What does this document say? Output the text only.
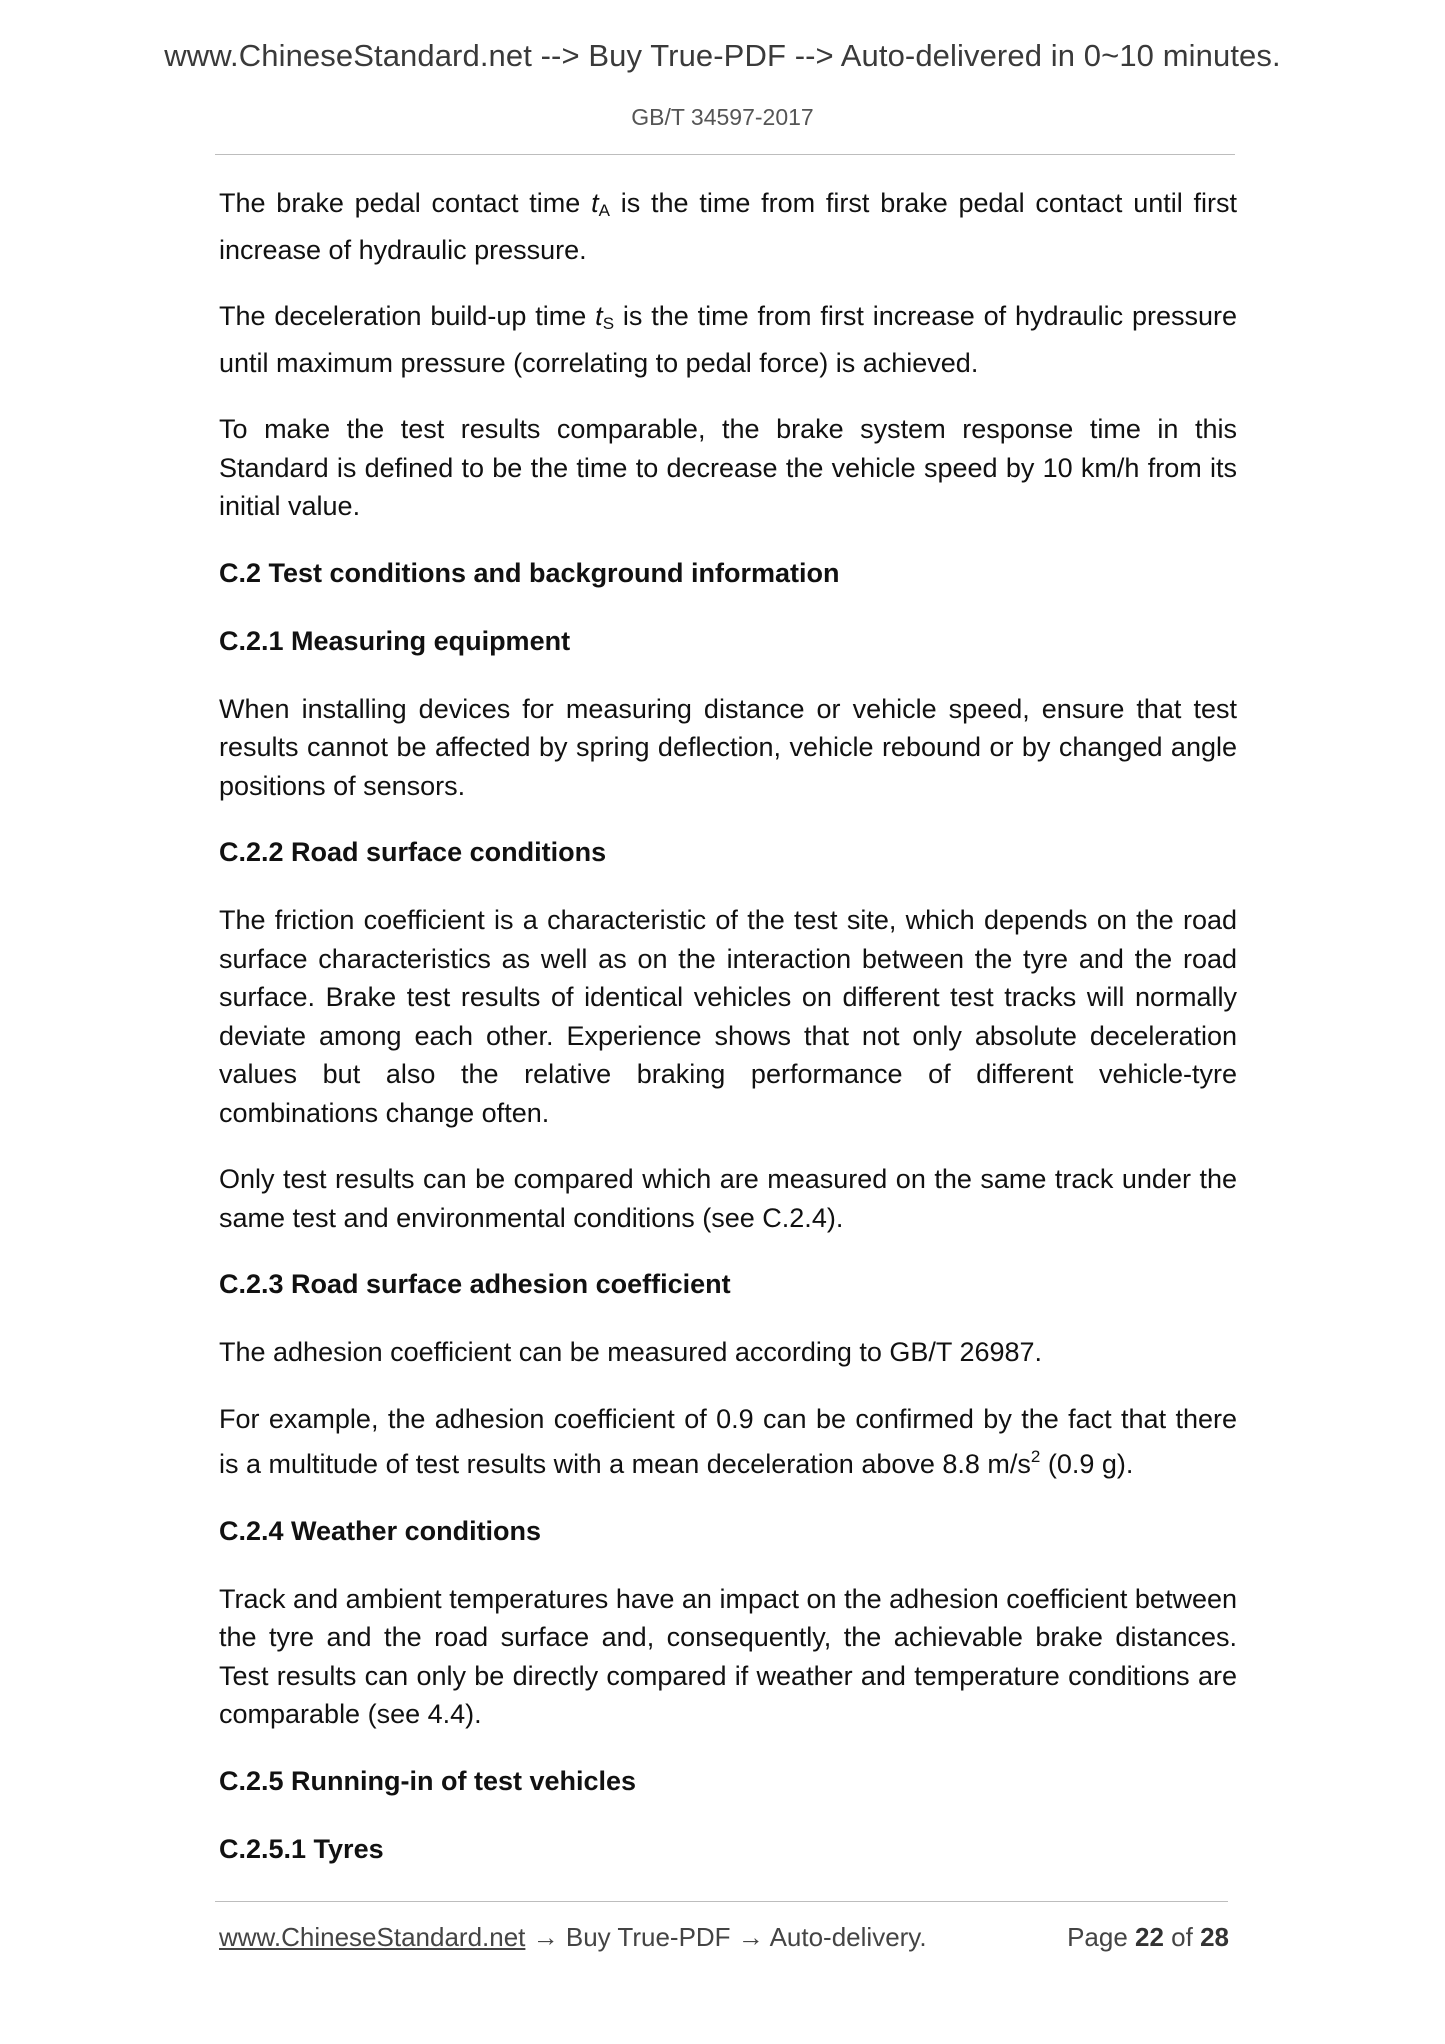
www.ChineseStandard.net --> Buy True-PDF --> Auto-delivered in 0~10 minutes.
GB/T 34597-2017

The brake pedal contact time $t_A$ is the time from first brake pedal contact until first increase of hydraulic pressure.

The deceleration build-up time $t_S$ is the time from first increase of hydraulic pressure until maximum pressure (correlating to pedal force) is achieved.

To make the test results comparable, the brake system response time in this Standard is defined to be the time to decrease the vehicle speed by 10 km/h from its initial value.

C.2 Test conditions and background information
C.2.1 Measuring equipment

When installing devices for measuring distance or vehicle speed, ensure that test results cannot be affected by spring deflection, vehicle rebound or by changed angle positions of sensors.

C.2.2 Road surface conditions

The friction coefficient is a characteristic of the test site, which depends on the road surface characteristics as well as on the interaction between the tyre and the road surface. Brake test results of identical vehicles on different test tracks will normally deviate among each other. Experience shows that not only absolute deceleration values but also the relative braking performance of different vehicle-tyre combinations change often.

Only test results can be compared which are measured on the same track under the same test and environmental conditions (see C.2.4).

C.2.3 Road surface adhesion coefficient

The adhesion coefficient can be measured according to GB/T 26987.

For example, the adhesion coefficient of 0.9 can be confirmed by the fact that there is a multitude of test results with a mean deceleration above 8.8 $m/s^2$ (0.9 g).

C.2.4 Weather conditions

Track and ambient temperatures have an impact on the adhesion coefficient between the tyre and the road surface and, consequently, the achievable brake distances. Test results can only be directly compared if weather and temperature conditions are comparable (see 4.4).

C.2.5 Running-in of test vehicles
C.2.5.1 Tyres
www.ChineseStandard.net → Buy True-PDF → Auto-delivery.	Page 22 of 28
